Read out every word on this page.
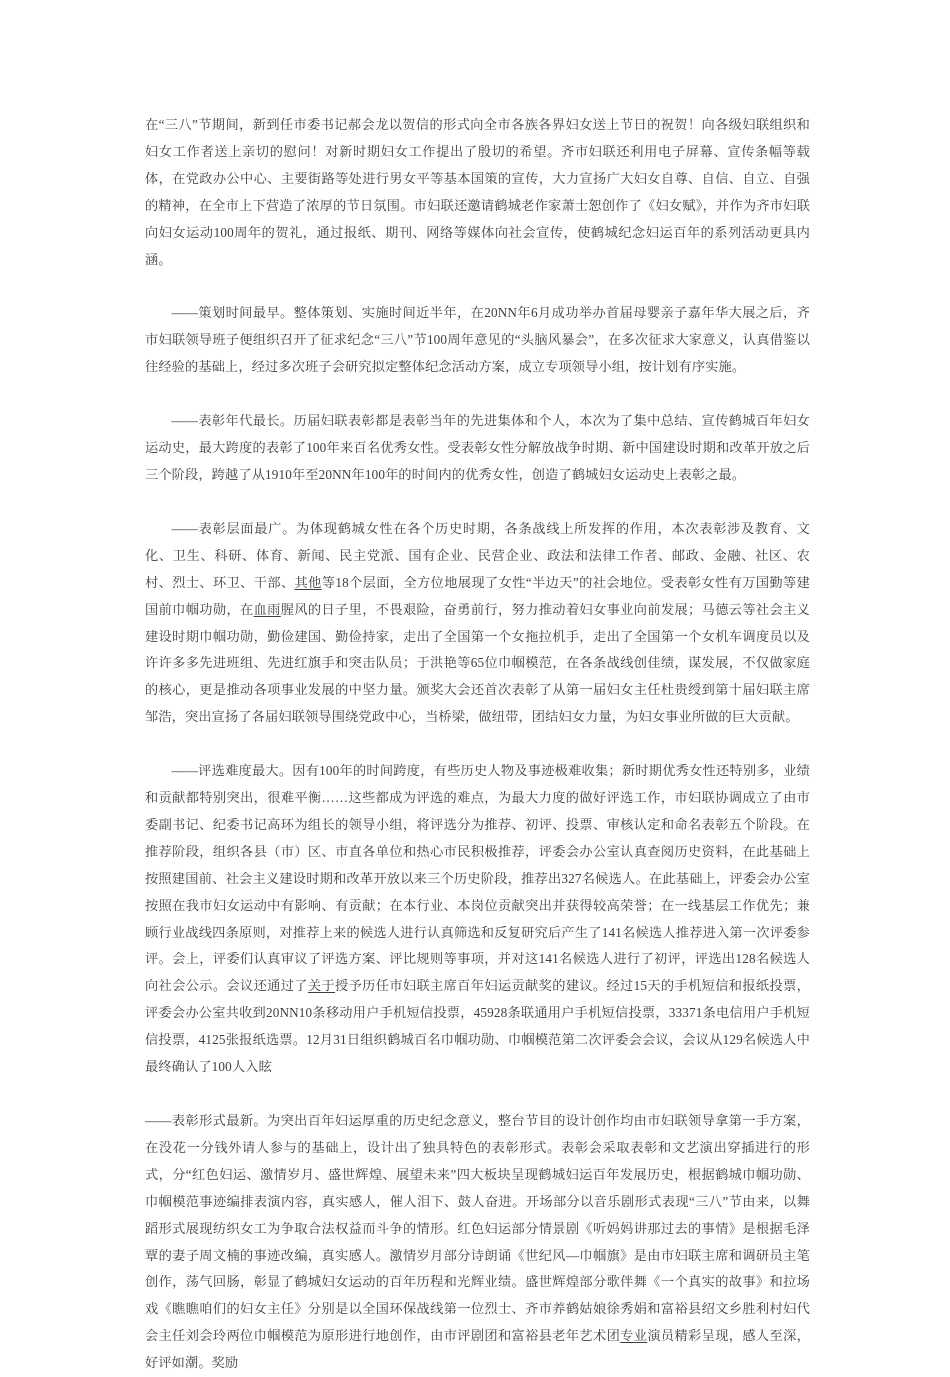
在“三八”节期间，新到任市委书记郝会龙以贺信的形式向全市各族各界妇女送上节日的祝贺！向各级妇联组织和妇女工作者送上亲切的慰问！对新时期妇女工作提出了殷切的希望。齐市妇联还利用电子屏幕、宣传条幅等载体，在党政办公中心、主要街路等处进行男女平等基本国策的宣传，大力宣扬广大妇女自尊、自信、自立、自强的精神，在全市上下营造了浓厚的节日氛围。市妇联还邀请鹤城老作家萧士恕创作了《妇女赋》，并作为齐市妇联向妇女运动100周年的贺礼，通过报纸、期刊、网络等媒体向社会宣传，使鹤城纪念妇运百年的系列活动更具内涵。

——策划时间最早。整体策划、实施时间近半年，在20NN年6月成功举办首届母婴亲子嘉年华大展之后，齐市妇联领导班子便组织召开了征求纪念“三八”节100周年意见的“头脑风暴会”，在多次征求大家意义，认真借鉴以往经验的基础上，经过多次班子会研究拟定整体纪念活动方案，成立专项领导小组，按计划有序实施。

——表彰年代最长。历届妇联表彰都是表彰当年的先进集体和个人，本次为了集中总结、宣传鹤城百年妇女运动史，最大跨度的表彰了100年来百名优秀女性。受表彰女性分解放战争时期、新中国建设时期和改革开放之后三个阶段，跨越了从1910年至20NN年100年的时间内的优秀女性，创造了鹤城妇女运动史上表彰之最。

——表彰层面最广。为体现鹤城女性在各个历史时期，各条战线上所发挥的作用，本次表彰涉及教育、文化、卫生、科研、体育、新闻、民主党派、国有企业、民营企业、政法和法律工作者、邮政、金融、社区、农村、烈士、环卫、干部、其他等18个层面，全方位地展现了女性“半边天”的社会地位。受表彰女性有万国勤等建国前巾帼功勋，在血雨腥风的日子里，不畏艰险，奋勇前行，努力推动着妇女事业向前发展；马德云等社会主义建设时期巾帼功勋，勤俭建国、勤俭持家，走出了全国第一个女拖拉机手，走出了全国第一个女机车调度员以及许许多多先进班组、先进红旗手和突击队员；于洪艳等65位巾帼模范，在各条战线创佳绩，谋发展，不仅做家庭的核心，更是推动各项事业发展的中坚力量。颁奖大会还首次表彰了从第一届妇女主任杜贵绶到第十届妇联主席邹浩，突出宣扬了各届妇联领导围绕党政中心，当桥梁，做纽带，团结妇女力量，为妇女事业所做的巨大贡献。

——评选难度最大。因有100年的时间跨度，有些历史人物及事迹极难收集；新时期优秀女性还特别多，业绩和贡献都特别突出，很难平衡……这些都成为评选的难点，为最大力度的做好评选工作，市妇联协调成立了由市委副书记、纪委书记高环为组长的领导小组，将评选分为推荐、初评、投票、审核认定和命名表彰五个阶段。在推荐阶段，组织各县（市）区、市直各单位和热心市民积极推荐，评委会办公室认真查阅历史资料，在此基础上按照建国前、社会主义建设时期和改革开放以来三个历史阶段，推荐出327名候选人。在此基础上，评委会办公室按照在我市妇女运动中有影响、有贡献；在本行业、本岗位贡献突出并获得较高荣誉；在一线基层工作优先；兼顾行业战线四条原则，对推荐上来的候选人进行认真筛选和反复研究后产生了141名候选人推荐进入第一次评委参评。会上，评委们认真审议了评选方案、评比规则等事项，并对这141名候选人进行了初评，评选出128名候选人向社会公示。会议还通过了关于授予历任市妇联主席百年妇运贡献奖的建议。经过15天的手机短信和报纸投票，评委会办公室共收到20NN10条移动用户手机短信投票，45928条联通用户手机短信投票，33371条电信用户手机短信投票，4125张报纸选票。12月31日组织鹤城百名巾帼功勋、巾帼模范第二次评委会会议，会议从129名候选人中最终确认了100人入眩

——表彰形式最新。为突出百年妇运厚重的历史纪念意义，整台节目的设计创作均由市妇联领导拿第一手方案，在没花一分钱外请人参与的基础上，设计出了独具特色的表彰形式。表彰会采取表彰和文艺演出穿插进行的形式，分“红色妇运、激情岁月、盛世辉煌、展望未来”四大板块呈现鹤城妇运百年发展历史，根据鹤城巾帼功勋、巾帼模范事迹编排表演内容，真实感人，催人泪下、鼓人奋进。开场部分以音乐剧形式表现“三八”节由来，以舞蹈形式展现纺织女工为争取合法权益而斗争的情形。红色妇运部分情景剧《听妈妈讲那过去的事情》是根据毛泽覃的妻子周文楠的事迹改编，真实感人。激情岁月部分诗朗诵《世纪风—巾帼旗》是由市妇联主席和调研员主笔创作，荡气回肠，彰显了鹤城妇女运动的百年历程和光辉业绩。盛世辉煌部分歌伴舞《一个真实的故事》和拉场戏《瞧瞧咱们的妇女主任》分别是以全国环保战线第一位烈士、齐市养鹤姑娘徐秀娟和富裕县绍文乡胜利村妇代会主任刘会玲两位巾帼模范为原形进行地创作，由市评剧团和富裕县老年艺术团专业演员精彩呈现，感人至深，好评如潮。奖励
